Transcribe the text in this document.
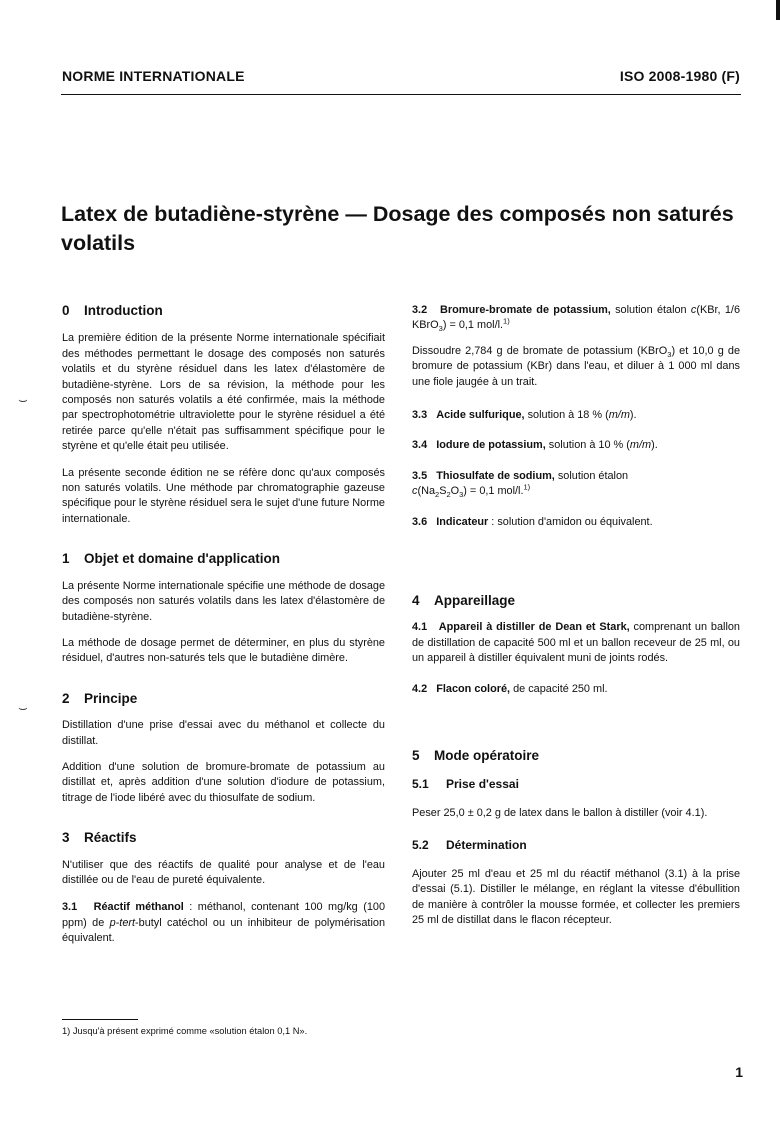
NORME INTERNATIONALE	ISO 2008-1980 (F)
Latex de butadiène-styrène — Dosage des composés non saturés volatils
⌣
⌣
0 Introduction

La première édition de la présente Norme internationale spécifiait des méthodes permettant le dosage des composés non saturés volatils et du styrène résiduel dans les latex d'élastomère de butadiène-styrène. Lors de sa révision, la méthode pour les composés non saturés volatils a été confirmée, mais la méthode par spectrophotométrie ultraviolette pour le styrène résiduel a été retirée parce qu'elle n'était pas suffisamment spécifique pour le styrène et qu'elle était peu utilisée.

La présente seconde édition ne se réfère donc qu'aux composés non saturés volatils. Une méthode par chromatographie gazeuse spécifique pour le styrène résiduel sera le sujet d'une future Norme internationale.

1 Objet et domaine d'application

La présente Norme internationale spécifie une méthode de dosage des composés non saturés volatils dans les latex d'élastomère de butadiène-styrène.

La méthode de dosage permet de déterminer, en plus du styrène résiduel, d'autres non-saturés tels que le butadiène dimère.

2 Principe

Distillation d'une prise d'essai avec du méthanol et collecte du distillat.

Addition d'une solution de bromure-bromate de potassium au distillat et, après addition d'une solution d'iodure de potassium, titrage de l'iode libéré avec du thiosulfate de sodium.

3 Réactifs

N'utiliser que des réactifs de qualité pour analyse et de l'eau distillée ou de l'eau de pureté équivalente.

3.1 Réactif méthanol : méthanol, contenant 100 mg/kg (100 ppm) de p-tert-butyl catéchol ou un inhibiteur de polymérisation équivalent.

3.2 Bromure-bromate de potassium, solution étalon c(KBr, 1/6 KBrO$_3$) = 0,1 mol/l.$^{1)}$

Dissoudre 2,784 g de bromate de potassium (KBrO$_3$) et 10,0 g de bromure de potassium (KBr) dans l'eau, et diluer à 1 000 ml dans une fiole jaugée à un trait.

3.3 Acide sulfurique, solution à 18 % (m/m).

3.4 Iodure de potassium, solution à 10 % (m/m).

3.5 Thiosulfate de sodium, solution étalon
$c(Na_2S_2O_3) = 0,1$ mol/l.$^{1)}$

3.6 Indicateur : solution d'amidon ou équivalent.

4 Appareillage

4.1 Appareil à distiller de Dean et Stark, comprenant un ballon de distillation de capacité 500 ml et un ballon receveur de 25 ml, ou un appareil à distiller équivalent muni de joints rodés.

4.2 Flacon coloré, de capacité 250 ml.

5 Mode opératoire
5.1 Prise d'essai

Peser 25,0 ± 0,2 g de latex dans le ballon à distiller (voir 4.1).

5.2 Détermination

Ajouter 25 ml d'eau et 25 ml du réactif méthanol (3.1) à la prise d'essai (5.1). Distiller le mélange, en réglant la vitesse d'ébullition de manière à contrôler la mousse formée, et collecter les premiers 25 ml de distillat dans le flacon récepteur.

1) Jusqu'à présent exprimé comme «solution étalon 0,1 N».
1
